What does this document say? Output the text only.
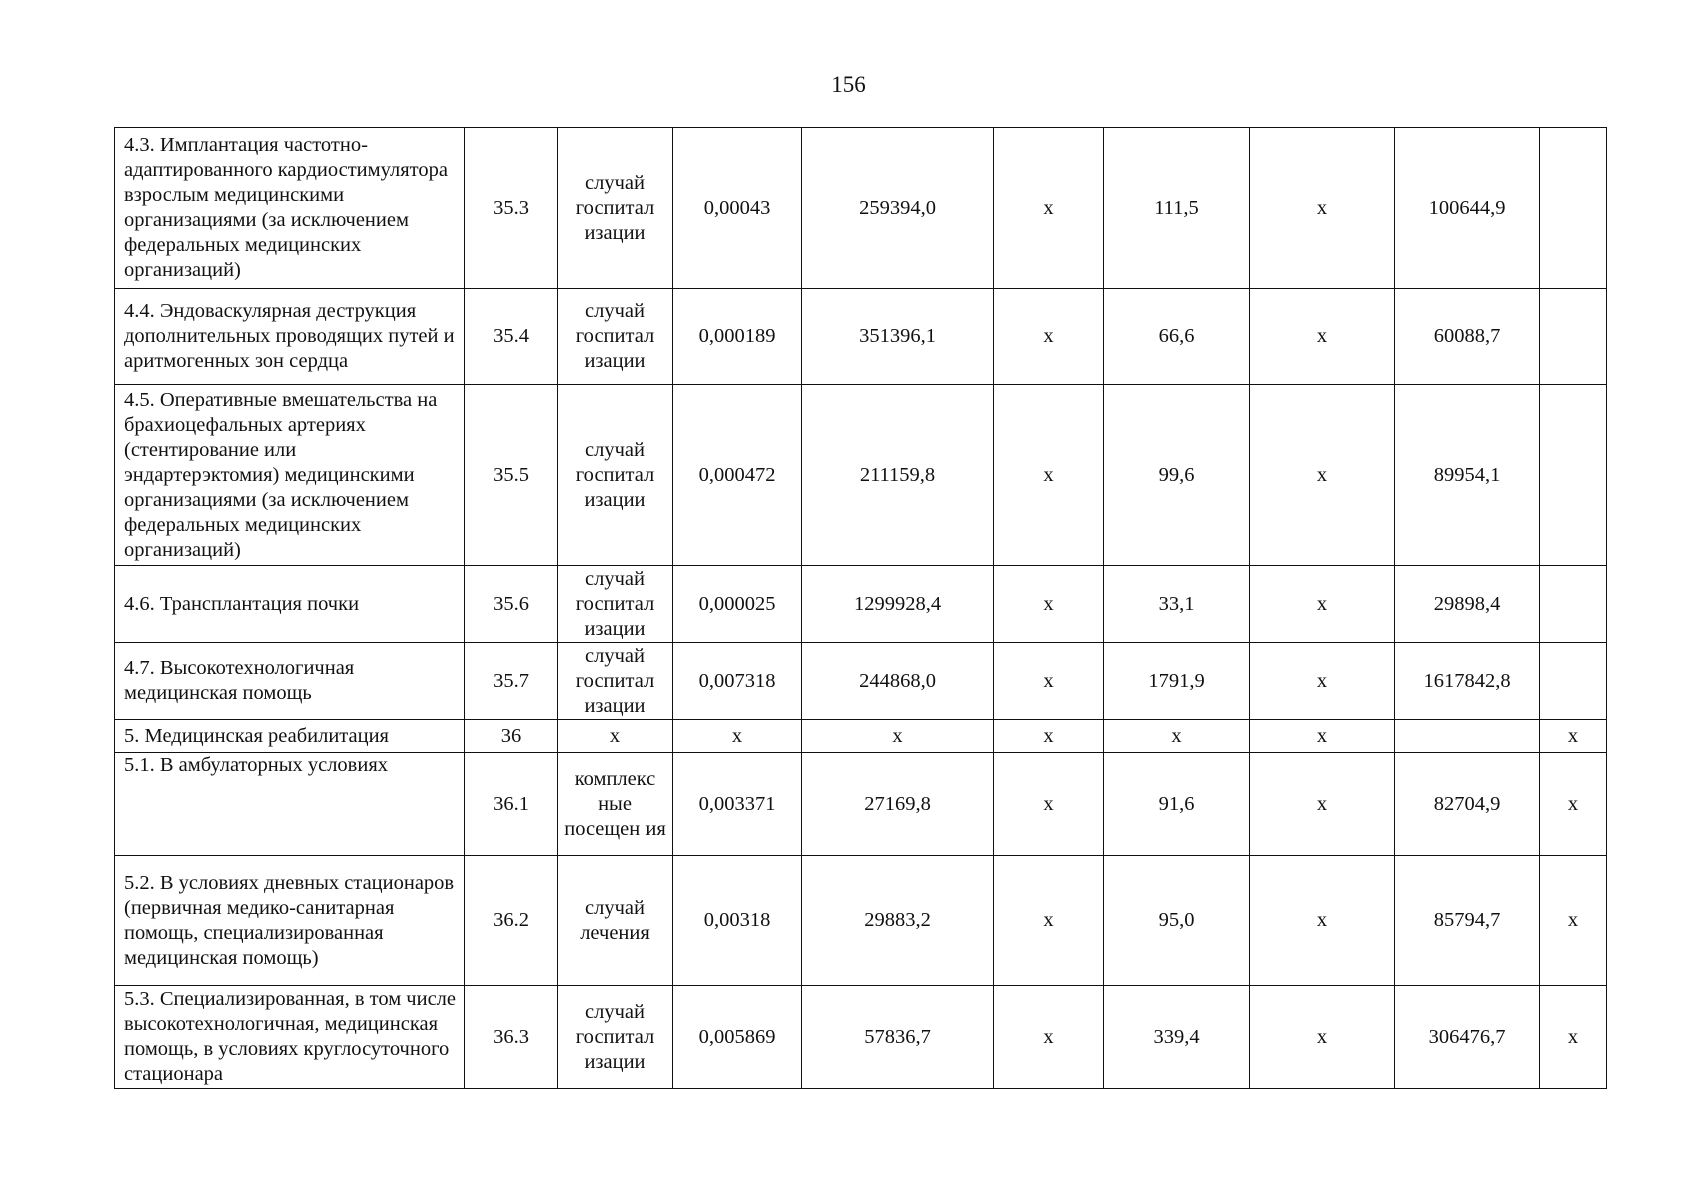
156
4.3. Имплантация частотно-адаптированного кардиостимулятора взрослым медицинскими организациями (за исключением федеральных медицинских организаций)	35.3	случай госпитал изации	0,00043	259394,0	х	111,5	х	100644,9	
4.4. Эндоваскулярная деструкция дополнительных проводящих путей и аритмогенных зон сердца	35.4	случай госпитал изации	0,000189	351396,1	х	66,6	х	60088,7	
4.5. Оперативные вмешательства на брахиоцефальных артериях (стентирование или эндартерэктомия) медицинскими организациями (за исключением федеральных медицинских организаций)	35.5	случай госпитал изации	0,000472	211159,8	х	99,6	х	89954,1	
4.6. Трансплантация почки	35.6	случай госпитал изации	0,000025	1299928,4	х	33,1	х	29898,4	
4.7. Высокотехнологичная медицинская помощь	35.7	случай госпитал изации	0,007318	244868,0	х	1791,9	х	1617842,8	
5. Медицинская реабилитация	36	х	х	х	х	х	х		х
5.1. В амбулаторных условиях	36.1	комплекс ные посещен ия	0,003371	27169,8	х	91,6	х	82704,9	х
5.2. В условиях дневных стационаров (первичная медико-санитарная помощь, специализированная медицинская помощь)	36.2	случай лечения	0,00318	29883,2	х	95,0	х	85794,7	х
5.3. Специализированная, в том числе высокотехнологичная, медицинская помощь, в условиях круглосуточного стационара	36.3	случай госпитал изации	0,005869	57836,7	х	339,4	х	306476,7	х
